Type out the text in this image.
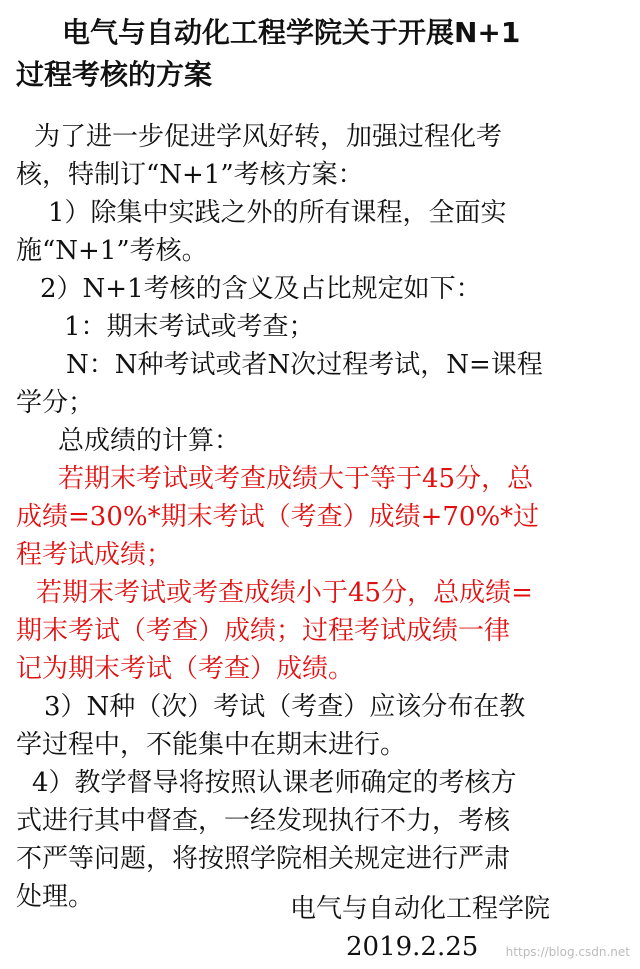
电气与自动化工程学院关于开展N+1
过程考核的方案
为了进一步促进学风好转，加强过程化考
核，特制订“N+1”考核方案：
1）除集中实践之外的所有课程，全面实
施“N+1”考核。
2）N+1考核的含义及占比规定如下：
1：期末考试或考查；
N：N种考试或者N次过程考试，N=课程
学分；
总成绩的计算：
若期末考试或考查成绩大于等于45分，总
成绩=30%*期末考试（考查）成绩+70%*过
程考试成绩；
若期末考试或考查成绩小于45分，总成绩=
期末考试（考查）成绩；过程考试成绩一律
记为期末考试（考查）成绩。
3）N种（次）考试（考查）应该分布在教
学过程中，不能集中在期末进行。
4）教学督导将按照认课老师确定的考核方
式进行其中督查，一经发现执行不力，考核
不严等问题，将按照学院相关规定进行严肃
处理。	电气与自动化工程学院
2019.2.25	https://blog.csdn.net
